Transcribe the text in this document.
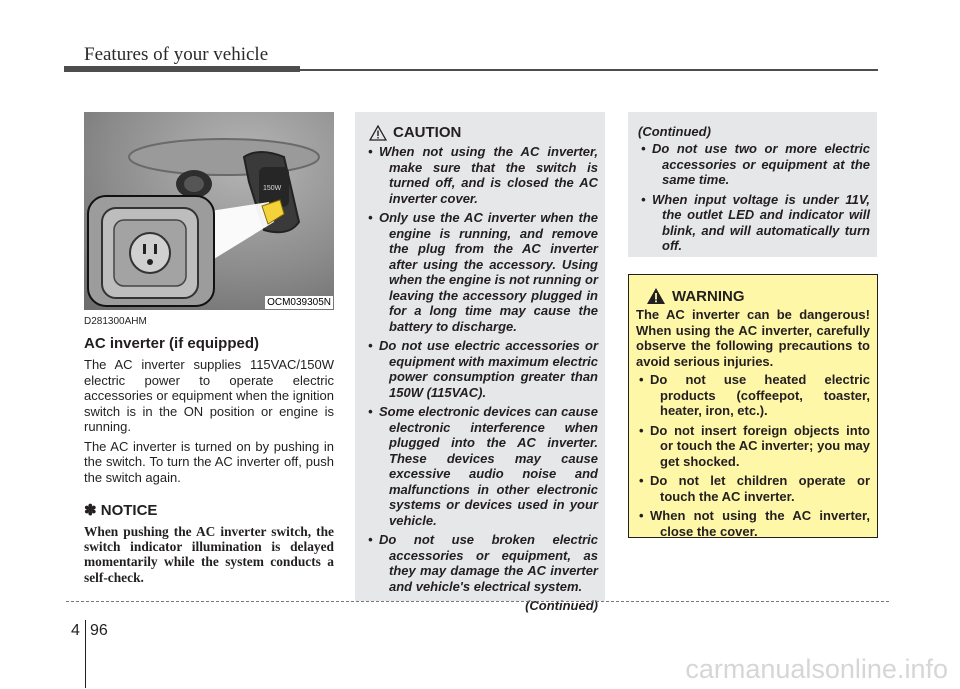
Features of your vehicle
150W
OCM039305N
D281300AHM
AC inverter (if equipped)

The AC inverter supplies 115VAC/150W electric power to operate electric accessories or equipment when the ignition switch is in the ON position or engine is running.

The AC inverter is turned on by pushing in the switch. To turn the AC inverter off, push the switch again.

✽ NOTICE
When pushing the AC inverter switch, the switch indicator illumination is delayed momentarily while the system conducts a self-check.
CAUTION
• When not using the AC inverter, make sure that the switch is turned off, and is closed the AC inverter cover.
• Only use the AC inverter when the engine is running, and remove the plug from the AC inverter after using the accessory. Using when the engine is not running or leaving the accessory plugged in for a long time may cause the battery to discharge.
• Do not use electric accessories or equipment with maximum electric power consumption greater than 150W (115VAC).
• Some electronic devices can cause electronic interference when plugged into the AC inverter. These devices may cause excessive audio noise and malfunctions in other electronic systems or devices used in your vehicle.
• Do not use broken electric accessories or equipment, as they may damage the AC inverter and vehicle's electrical system.
(Continued)
(Continued)
• Do not use two or more electric accessories or equipment at the same time.
• When input voltage is under 11V, the outlet LED and indicator will blink, and will automatically turn off.
WARNING
The AC inverter can be dangerous! When using the AC inverter, carefully observe the following precautions to avoid serious injuries.
• Do not use heated electric products (coffeepot, toaster, heater, iron, etc.).
• Do not insert foreign objects into or touch the AC inverter; you may get shocked.
• Do not let children operate or touch the AC inverter.
• When not using the AC inverter, close the cover.
4 96
carmanualsonline.info
